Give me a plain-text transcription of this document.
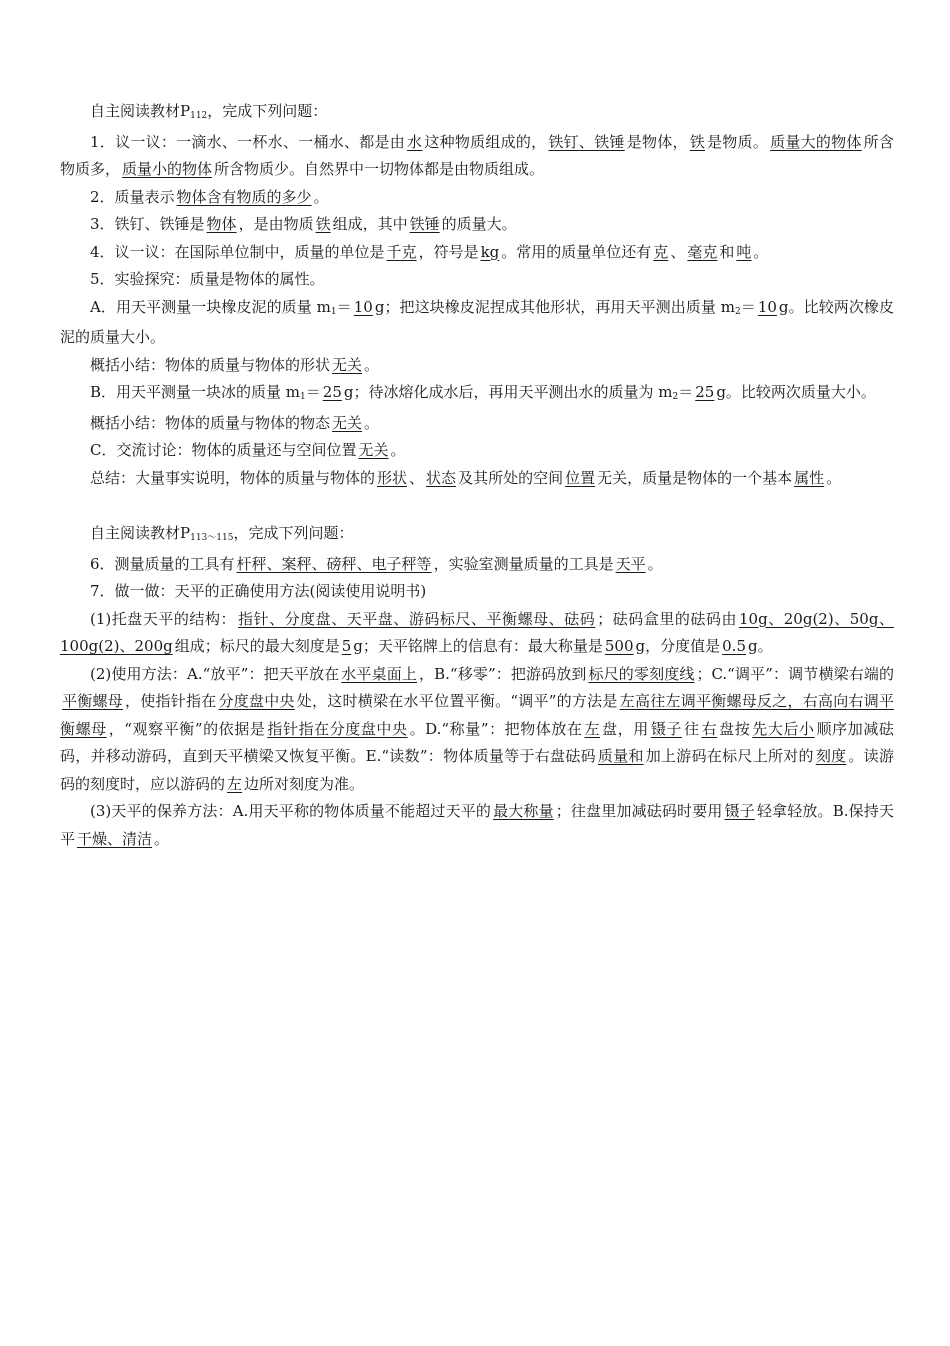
自主阅读教材$P_{112}$，完成下列问题：

1．议一议：一滴水、一杯水、一桶水、都是由 水 这种物质组成的， 铁钉、铁锤 是物体， 铁 是物质。 质量大的物体 所含物质多， 质量小的物体 所含物质少。自然界中一切物体都是由物质组成。

2．质量表示 物体含有物质的多少 。

3．铁钉、铁锤是 物体 ，是由物质 铁 组成，其中 铁锤 的质量大。

4．议一议：在国际单位制中，质量的单位是 千克 ，符号是 kg 。常用的质量单位还有 克 、 毫克 和 吨 。

5．实验探究：质量是物体的属性。

A．用天平测量一块橡皮泥的质量 $m_1= 10$ g；把这块橡皮泥捏成其他形状，再用天平测出质量 $m_2= 10$ g。比较两次橡皮泥的质量大小。

概括小结：物体的质量与物体的形状 无关 。

B．用天平测量一块冰的质量 $m_1= 25$ g；待冰熔化成水后，再用天平测出水的质量为 $m_2= 25$ g。比较两次质量大小。

概括小结：物体的质量与物体的物态 无关 。

C．交流讨论：物体的质量还与空间位置 无关 。

总结：大量事实说明，物体的质量与物体的 形状 、 状态 及其所处的空间 位置 无关，质量是物体的一个基本 属性 。

自主阅读教材$P_{113\sim 115}$，完成下列问题：

6．测量质量的工具有 杆秤、案秤、磅秤、电子秤等 ，实验室测量质量的工具是 天平 。

7．做一做：天平的正确使用方法(阅读使用说明书)

(1)托盘天平的结构： 指针、分度盘、天平盘、游码标尺、平衡螺母、砝码 ；砝码盒里的砝码由 10g、20g(2)、50g、100g(2)、200g 组成；标尺的最大刻度是 5 g；天平铭牌上的信息有：最大称量是 500 g，分度值是 0.5 g。

(2)使用方法：A.“放平”：把天平放在 水平桌面上 ，B.“移零”：把游码放到 标尺的零刻度线 ；C.“调平”：调节横梁右端的平衡螺母 ，使指针指在 分度盘中央 处，这时横梁在水平位置平衡。“调平”的方法是 左高往左调平衡螺母反之，右高向右调平衡螺母 ，“观察平衡”的依据是 指针指在分度盘中央 。D.“称量”：把物体放在 左 盘，用 镊子 往 右 盘按 先大后小 顺序加减砝码，并移动游码，直到天平横梁又恢复平衡。E.“读数”：物体质量等于右盘砝码 质量和 加上游码在标尺上所对的 刻度 。读游码的刻度时，应以游码的 左 边所对刻度为准。

(3)天平的保养方法：A.用天平称的物体质量不能超过天平的 最大称量 ；往盘里加减砝码时要用 镊子 轻拿轻放。B.保持天平 干燥、清洁 。
